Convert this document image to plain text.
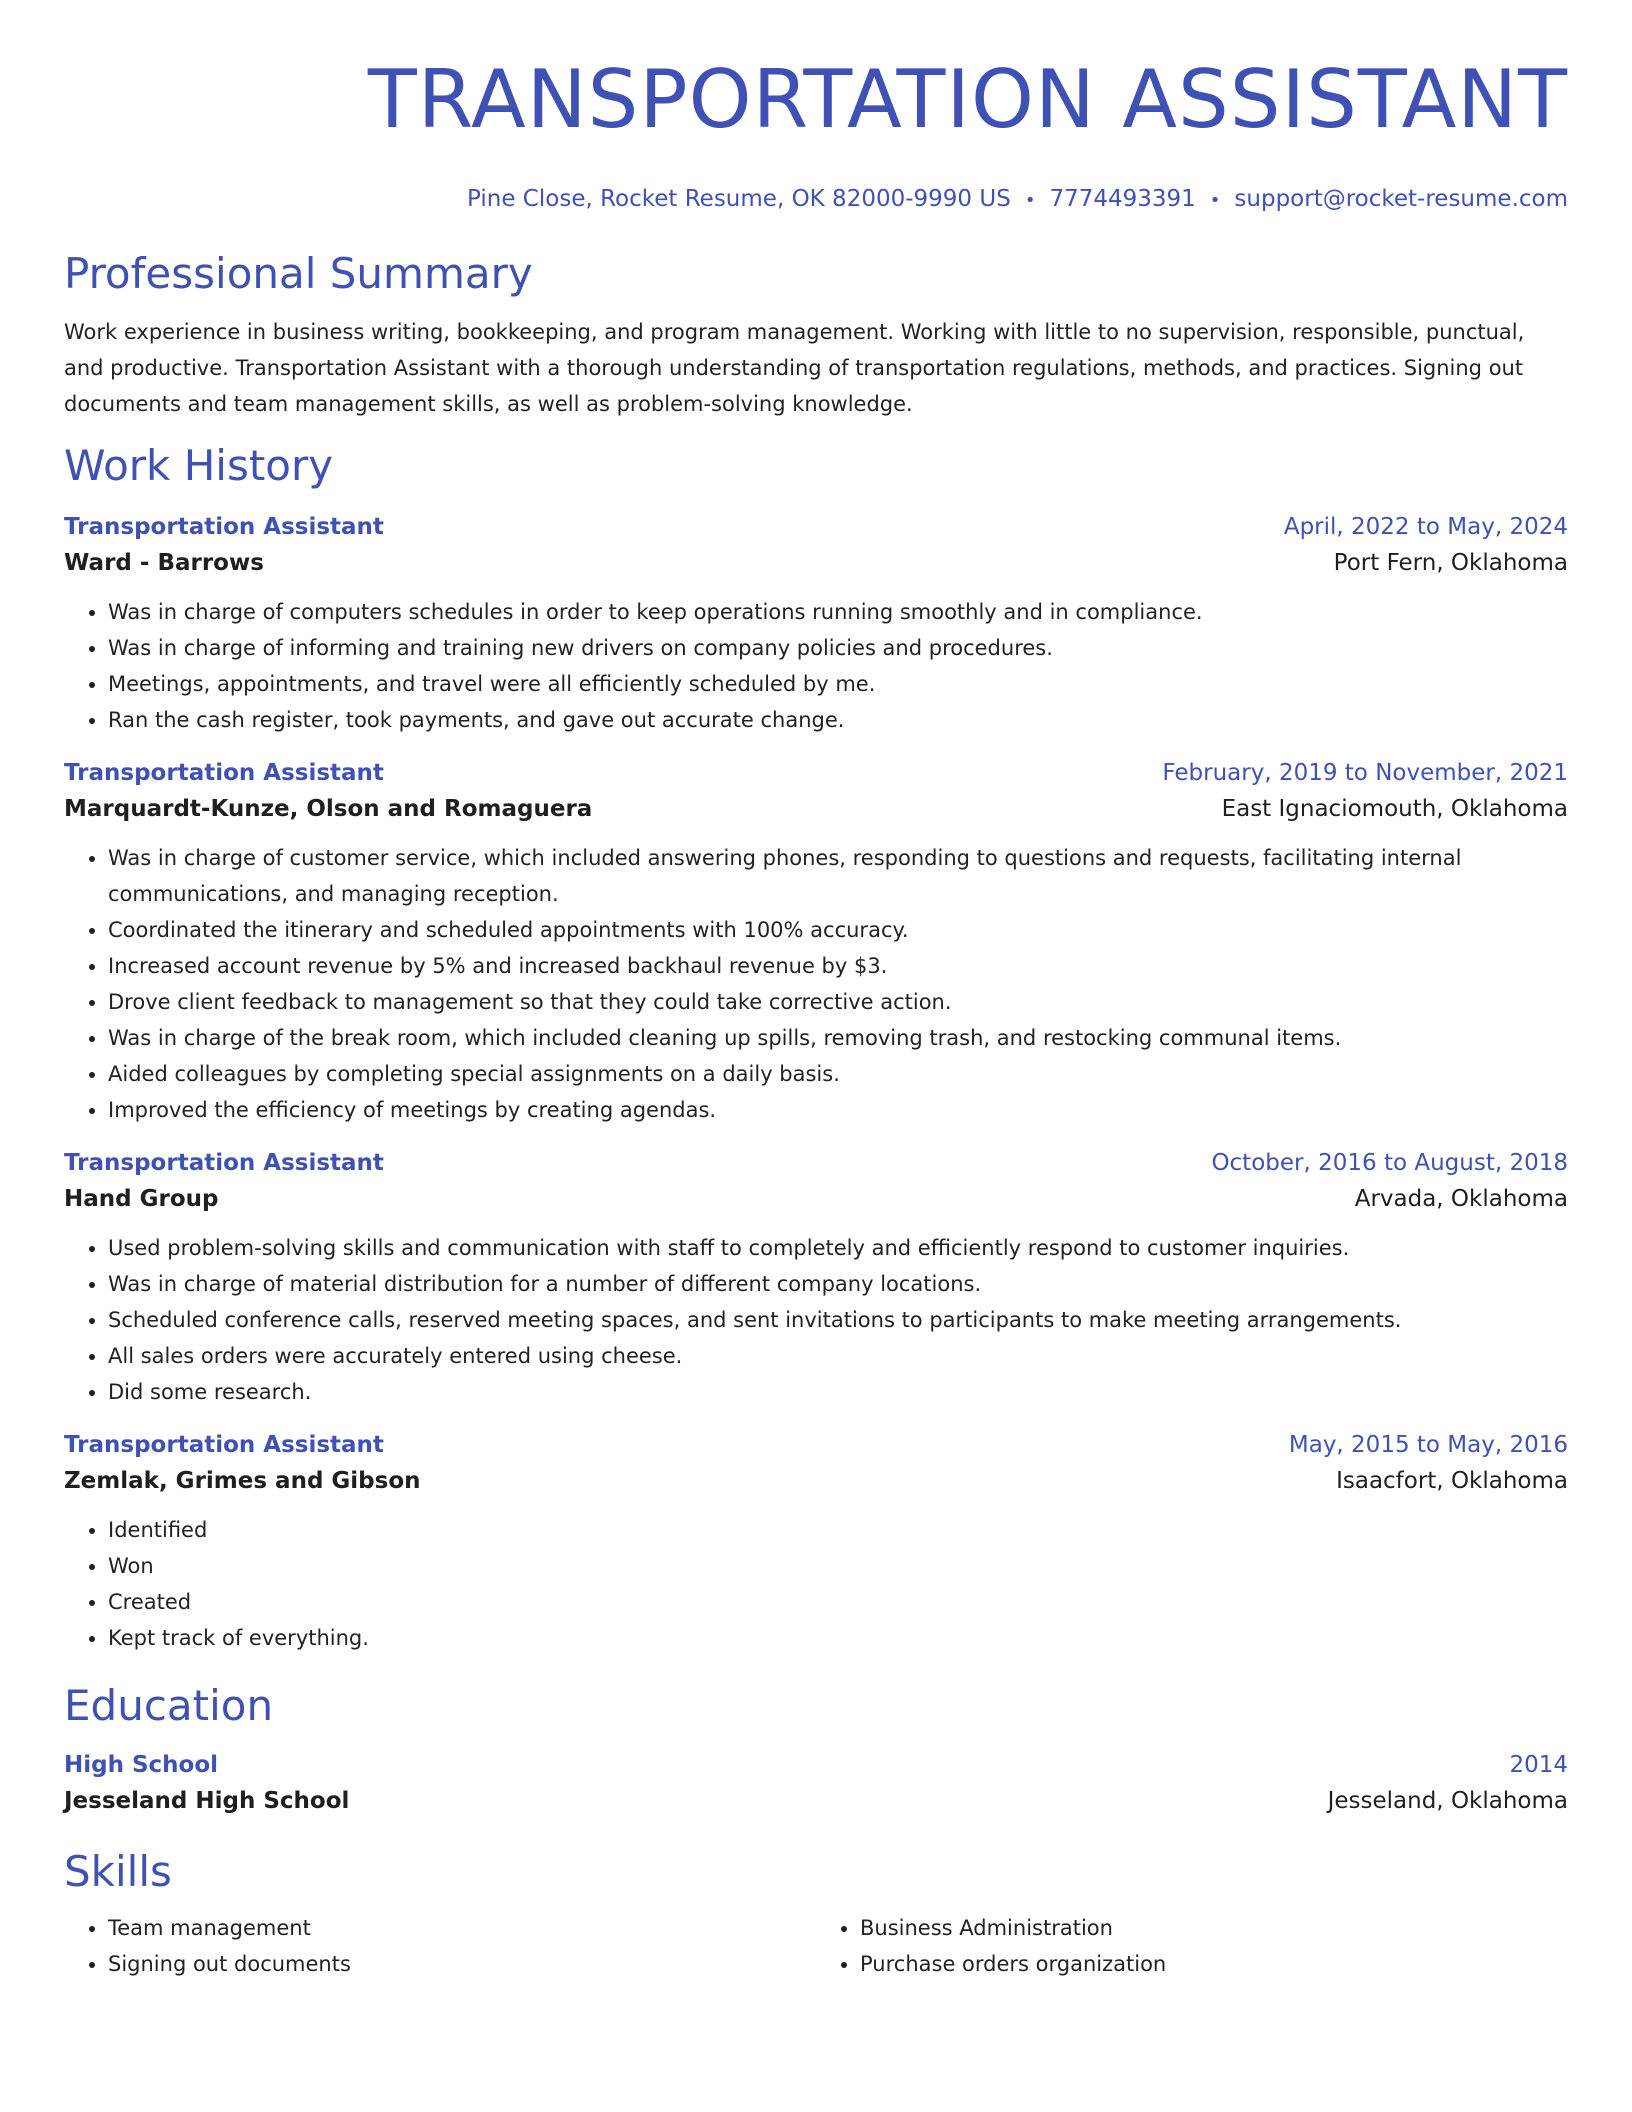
TRANSPORTATION ASSISTANT
Pine Close, Rocket Resume, OK 82000-9990 US • 7774493391 • support@rocket-resume.com
Professional Summary
Work experience in business writing, bookkeeping, and program management. Working with little to no supervision, responsible, punctual, and productive. Transportation Assistant with a thorough understanding of transportation regulations, methods, and practices. Signing out documents and team management skills, as well as problem-solving knowledge.
Work History
Transportation Assistant	April, 2022 to May, 2024
Ward - Barrows	Port Fern, Oklahoma
• Was in charge of computers schedules in order to keep operations running smoothly and in compliance.
• Was in charge of informing and training new drivers on company policies and procedures.
• Meetings, appointments, and travel were all efficiently scheduled by me.
• Ran the cash register, took payments, and gave out accurate change.
Transportation Assistant	February, 2019 to November, 2021
Marquardt-Kunze, Olson and Romaguera	East Ignaciomouth, Oklahoma
• Was in charge of customer service, which included answering phones, responding to questions and requests, facilitating internal communications, and managing reception.
• Coordinated the itinerary and scheduled appointments with 100% accuracy.
• Increased account revenue by 5% and increased backhaul revenue by $3.
• Drove client feedback to management so that they could take corrective action.
• Was in charge of the break room, which included cleaning up spills, removing trash, and restocking communal items.
• Aided colleagues by completing special assignments on a daily basis.
• Improved the efficiency of meetings by creating agendas.
Transportation Assistant	October, 2016 to August, 2018
Hand Group	Arvada, Oklahoma
• Used problem-solving skills and communication with staff to completely and efficiently respond to customer inquiries.
• Was in charge of material distribution for a number of different company locations.
• Scheduled conference calls, reserved meeting spaces, and sent invitations to participants to make meeting arrangements.
• All sales orders were accurately entered using cheese.
• Did some research.
Transportation Assistant	May, 2015 to May, 2016
Zemlak, Grimes and Gibson	Isaacfort, Oklahoma
• Identified
• Won
• Created
• Kept track of everything.
Education
High School	2014
Jesseland High School	Jesseland, Oklahoma
Skills
• Team management
• Signing out documents
• Business Administration
• Purchase orders organization
